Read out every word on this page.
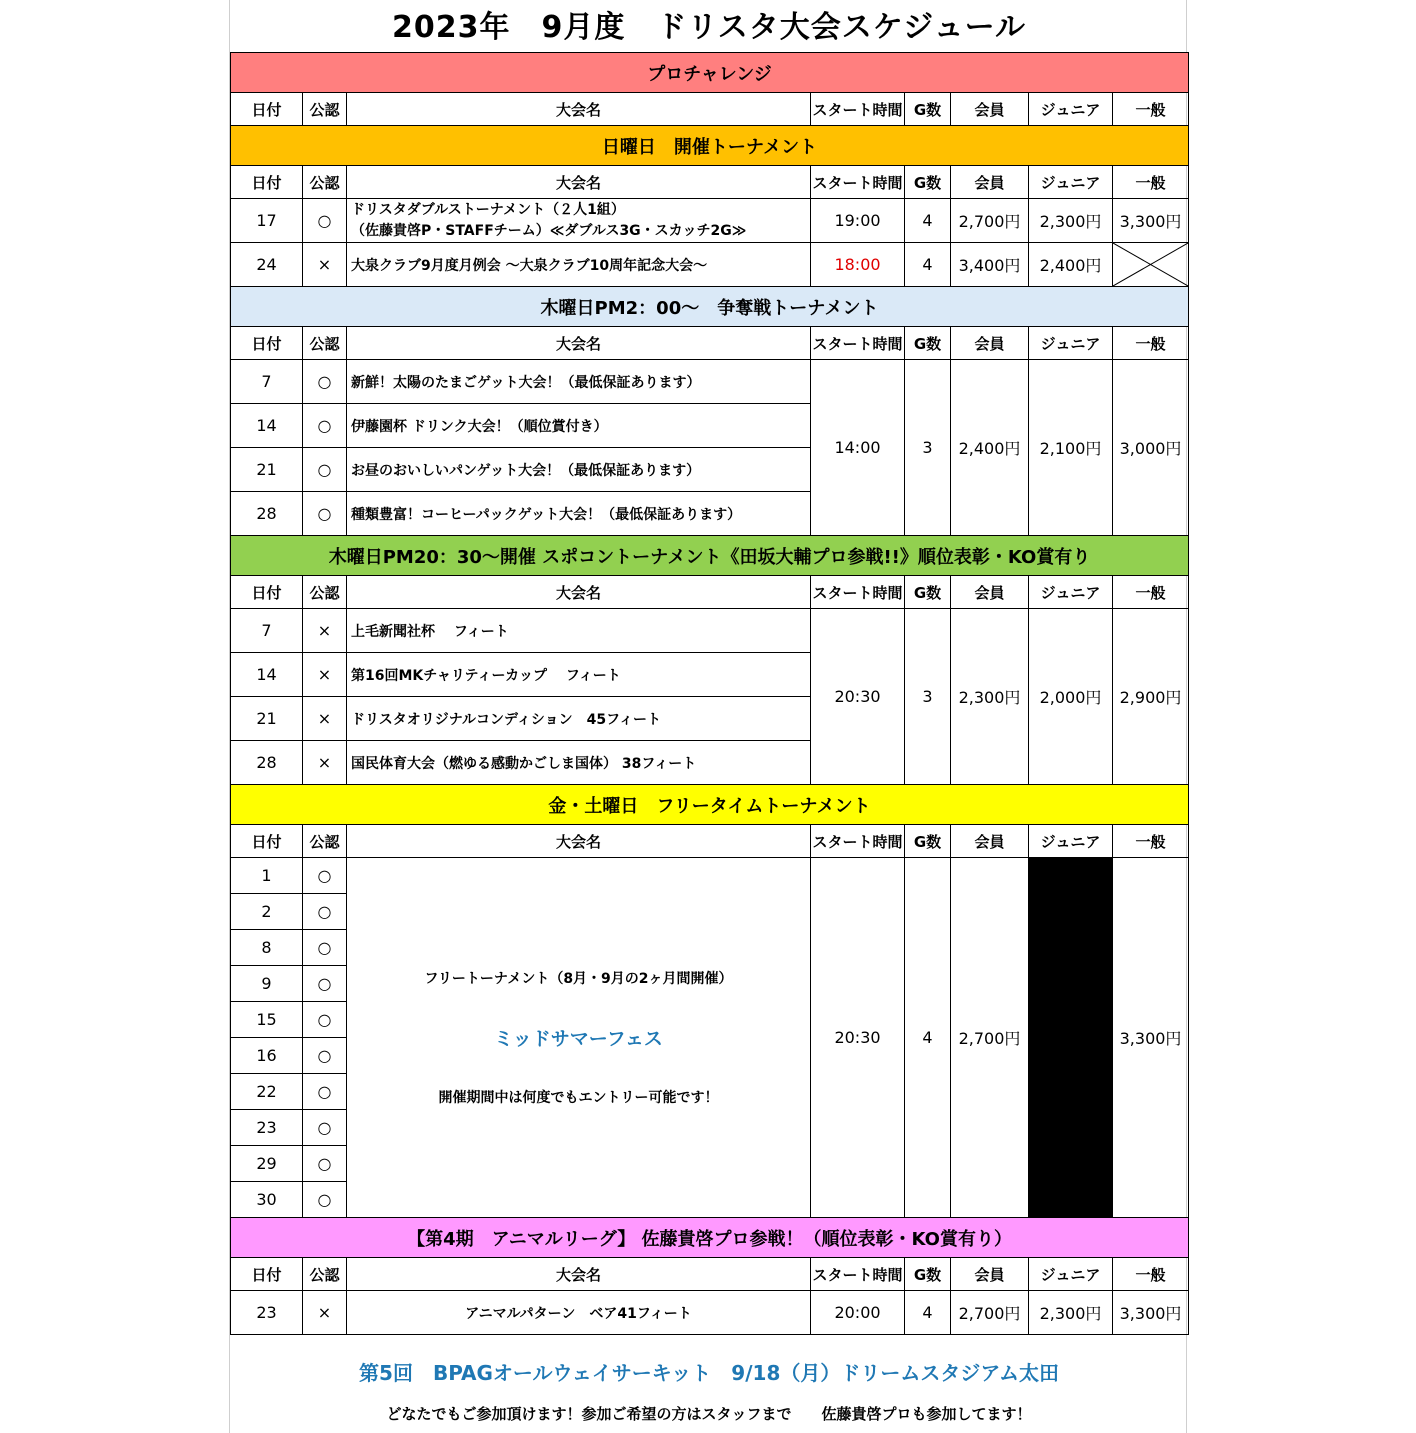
2023年　9月度　ドリスタ大会スケジュール
プロチャレンジ							
日付	公認	大会名	スタート時間	G数	会員	ジュニア	一般
日曜日　開催トーナメント							
日付	公認	大会名	スタート時間	G数	会員	ジュニア	一般
17	○	ドリスタダブルストーナメント（２人1組）
（佐藤貴啓P・STAFFチーム）≪ダブルス3G・スカッチ2G≫	19:00	4	2,700円	2,300円	3,300円
24	×	大泉クラブ9月度月例会 ～大泉クラブ10周年記念大会～	18:00	4	3,400円	2,400円	

木曜日PM2：00～　争奪戦トーナメント							
日付	公認	大会名	スタート時間	G数	会員	ジュニア	一般
7	○	新鮮！太陽のたまごゲット大会！（最低保証あります）	14:00	3	2,400円	2,100円	3,000円
14	○	伊藤園杯 ドリンク大会！（順位賞付き）					
21	○	お昼のおいしいパンゲット大会！（最低保証あります）					
28	○	種類豊富！コーヒーパックゲット大会！（最低保証あります）					
木曜日PM20：30～開催 スポコントーナメント《田坂大輔プロ参戦!!》順位表彰・KO賞有り							
日付	公認	大会名	スタート時間	G数	会員	ジュニア	一般
7	×	上毛新聞社杯　 フィート	20:30	3	2,300円	2,000円	2,900円
14	×	第16回MKチャリティーカップ　 フィート					
21	×	ドリスタオリジナルコンディション　45フィート					
28	×	国民体育大会（燃ゆる感動かごしま国体） 38フィート					
金・土曜日　フリータイムトーナメント							
日付	公認	大会名	スタート時間	G数	会員	ジュニア	一般
1	○	フリートーナメント（8月・9月の2ヶ月間開催）
ミッドサマーフェス
開催期間中は何度でもエントリー可能です！	20:30	4	2,700円		3,300円
2	○						
8	○						
9	○						
15	○						
16	○						
22	○						
23	○						
29	○						
30	○						
【第4期　アニマルリーグ】 佐藤貴啓プロ参戦！（順位表彰・KO賞有り）							
日付	公認	大会名	スタート時間	G数	会員	ジュニア	一般
23	×	アニマルパターン　ベア41フィート	20:00	4	2,700円	2,300円	3,300円
第5回　BPAGオールウェイサーキット　9/18（月）ドリームスタジアム太田
どなたでもご参加頂けます！参加ご希望の方はスタッフまで　　佐藤貴啓プロも参加してます！
